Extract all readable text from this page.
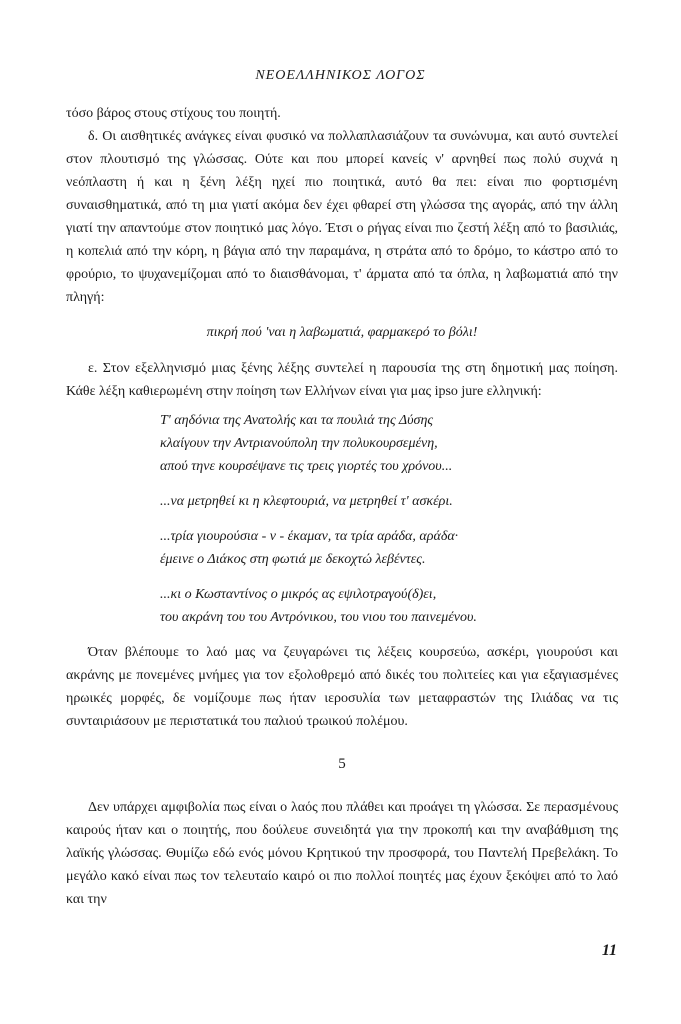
ΝΕΟΕΛΛΗΝΙΚΟΣ ΛΟΓΟΣ

τόσο βάρος στους στίχους του ποιητή.

δ. Οι αισθητικές ανάγκες είναι φυσικό να πολλαπλασιάζουν τα συνώνυμα, και αυτό συντελεί στον πλουτισμό της γλώσσας. Ούτε και που μπορεί κανείς ν' αρνηθεί πως πολύ συχνά η νεόπλαστη ή και η ξένη λέξη ηχεί πιο ποιητικά, αυτό θα πει: είναι πιο φορτισμένη συναισθηματικά, από τη μια γιατί ακόμα δεν έχει φθαρεί στη γλώσσα της αγοράς, από την άλλη γιατί την απαντούμε στον ποιητικό μας λόγο. Έτσι ο ρήγας είναι πιο ζεστή λέξη από το βασιλιάς, η κοπελιά από την κόρη, η βάγια από την παραμάνα, η στράτα από το δρόμο, το κάστρο από το φρούριο, το ψυχανεμίζομαι από το διαισθάνομαι, τ' άρματα από τα όπλα, η λαβωματιά από την πληγή:

πικρή πού 'ναι η λαβωματιά, φαρμακερό το βόλι!

ε. Στον εξελληνισμό μιας ξένης λέξης συντελεί η παρουσία της στη δημοτική μας ποίηση. Κάθε λέξη καθιερωμένη στην ποίηση των Ελλήνων είναι για μας ipso jure ελληνική:

Τ' αηδόνια της Ανατολής και τα πουλιά της Δύσης

κλαίγουν την Αντριανούπολη την πολυκουρσεμένη,

απού τηνε κουρσέψανε τις τρεις γιορτές του χρόνου...

...να μετρηθεί κι η κλεφτουριά, να μετρηθεί τ' ασκέρι.

...τρία γιουρούσια - ν - έκαμαν, τα τρία αράδα, αράδα·

έμεινε ο Διάκος στη φωτιά με δεκοχτώ λεβέντες.

...κι ο Κωσταντίνος ο μικρός ας εψιλοτραγού(δ)ει,

του ακράνη του του Αντρόνικου, του νιου του παινεμένου.

Όταν βλέπουμε το λαό μας να ζευγαρώνει τις λέξεις κουρσεύω, ασκέρι, γιουρούσι και ακράνης με πονεμένες μνήμες για τον εξολοθρεμό από δικές του πολιτείες και για εξαγιασμένες ηρωικές μορφές, δε νομίζουμε πως ήταν ιεροσυλία των μεταφραστών της Ιλιάδας να τις συνταιριάσουν με περιστατικά του παλιού τρωικού πολέμου.

5

Δεν υπάρχει αμφιβολία πως είναι ο λαός που πλάθει και προάγει τη γλώσσα. Σε περασμένους καιρούς ήταν και ο ποιητής, που δούλευε συνειδητά για την προκοπή και την αναβάθμιση της λαϊκής γλώσσας. Θυμίζω εδώ ενός μόνου Κρητικού την προσφορά, του Παντελή Πρεβελάκη. Το μεγάλο κακό είναι πως τον τελευταίο καιρό οι πιο πολλοί ποιητές μας έχουν ξεκόψει από το λαό και την

11
